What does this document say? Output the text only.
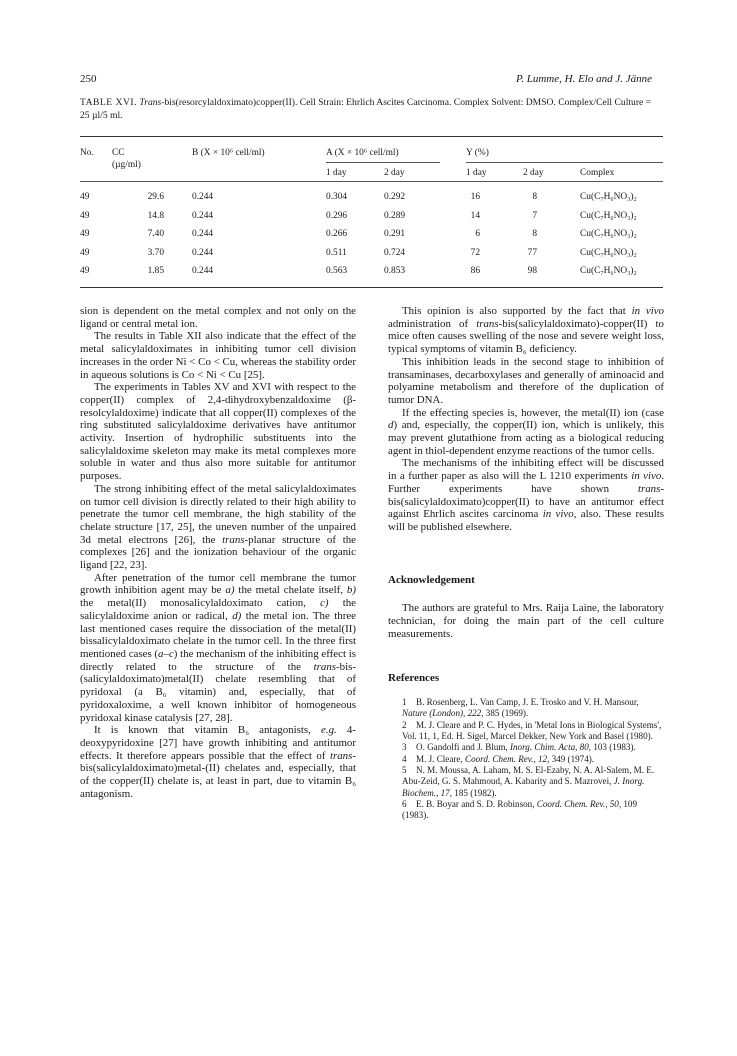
250	P. Lumme, H. Elo and J. Jänne
TABLE XVI. Trans-bis(resorcylaldoximato)copper(II). Cell Strain: Ehrlich Ascites Carcinoma. Complex Solvent: DMSO. Complex/Cell Culture = 25 µl/5 ml.
No. CC
(µg/ml)
B (X × 10⁶ cell/ml)	A (X × 10⁶ cell/ml)	Y (%)
1 day	2 day	1 day	2 day	Complex
49	29.6	0.244	0.304	0.292	16	8	Cu(C₇H₆NO₃)₂
49	14.8	0.244	0.296	0.289	14	7	Cu(C₇H₆NO₃)₂
49	7.40	0.244	0.266	0.291	6	8	Cu(C₇H₆NO₃)₂
49	3.70	0.244	0.511	0.724	72	77	Cu(C₇H₆NO₃)₂
49	1.85	0.244	0.563	0.853	86	98	Cu(C₇H₆NO₃)₂

sion is dependent on the metal complex and not only on the ligand or central metal ion.

The results in Table XII also indicate that the effect of the metal salicylaldoximates in inhibiting tumor cell division increases in the order Ni < Co < Cu, whereas the stability order in aqueous solutions is Co < Ni < Cu [25].

The experiments in Tables XV and XVI with respect to the copper(II) complex of 2,4-dihydroxybenzaldoxime (β-resolcylaldoxime) indicate that all copper(II) complexes of the ring substituted salicylaldoxime derivatives have antitumor activity. Insertion of hydrophilic substituents into the salicylaldoxime skeleton may make its metal complexes more soluble in water and thus also more suitable for antitumor purposes.

The strong inhibiting effect of the metal salicylaldoximates on tumor cell division is directly related to their high ability to penetrate the tumor cell membrane, the high stability of the chelate structure [17, 25], the uneven number of the unpaired 3d metal electrons [26], the trans-planar structure of the complexes [26] and the ionization behaviour of the organic ligand [22, 23].

After penetration of the tumor cell membrane the tumor growth inhibition agent may be a) the metal chelate itself, b) the metal(II) monosalicylaldoximato cation, c) the salicylaldoxime anion or radical, d) the metal ion. The three last mentioned cases require the dissociation of the metal(II) bissalicylaldoximato chelate in the tumor cell. In the three first mentioned cases (a–c) the mechanism of the inhibiting effect is directly related to the structure of the trans-bis-(salicylaldoximato)metal(II) chelate resembling that of pyridoxal (a B₆ vitamin) and, especially, that of pyridoxaloxime, a well known inhibitor of homogeneous pyridoxal kinase catalysis [27, 28].

It is known that vitamin B₆ antagonists, e.g. 4-deoxypyridoxine [27] have growth inhibiting and antitumor effects. It therefore appears possible that the effect of trans-bis(salicylaldoximato)metal-(II) chelates and, especially, that of the copper(II) chelate is, at least in part, due to vitamin B₆ antagonism.

This opinion is also supported by the fact that in vivo administration of trans-bis(salicylaldoximato)-copper(II) to mice often causes swelling of the nose and severe weight loss, typical symptoms of vitamin B₆ deficiency.

This inhibition leads in the second stage to inhibition of transaminases, decarboxylases and generally of aminoacid and polyamine metabolism and therefore of the duplication of tumor DNA.

If the effecting species is, however, the metal(II) ion (case d) and, especially, the copper(II) ion, which is unlikely, this may prevent glutathione from acting as a biological reducing agent in thiol-dependent enzyme reactions of the tumor cells.

The mechanisms of the inhibiting effect will be discussed in a further paper as also will the L 1210 experiments in vivo. Further experiments have shown trans-bis(salicylaldoximato)copper(II) to have an antitumor effect against Ehrlich ascites carcinoma in vivo, also. These results will be published elsewhere.

Acknowledgement

The authors are grateful to Mrs. Raija Laine, the laboratory technician, for doing the main part of the cell culture measurements.

References

1 B. Rosenberg, L. Van Camp, J. E. Trosko and V. H. Mansour, Nature (London), 222, 385 (1969).

2 M. J. Cleare and P. C. Hydes, in 'Metal Ions in Biological Systems', Vol. 11, 1, Ed. H. Sigel, Marcel Dekker, New York and Basel (1980).

3 O. Gandolfi and J. Blum, Inorg. Chim. Acta, 80, 103 (1983).

4 M. J. Cleare, Coord. Chem. Rev., 12, 349 (1974).

5 N. M. Moussa, A. Laham, M. S. El-Ezaby, N. A. Al-Salem, M. E. Abu-Zeid, G. S. Mahmoud, A. Kabarity and S. Mazrovei, J. Inorg. Biochem., 17, 185 (1982).

6 E. B. Boyar and S. D. Robinson, Coord. Chem. Rev., 50, 109 (1983).
